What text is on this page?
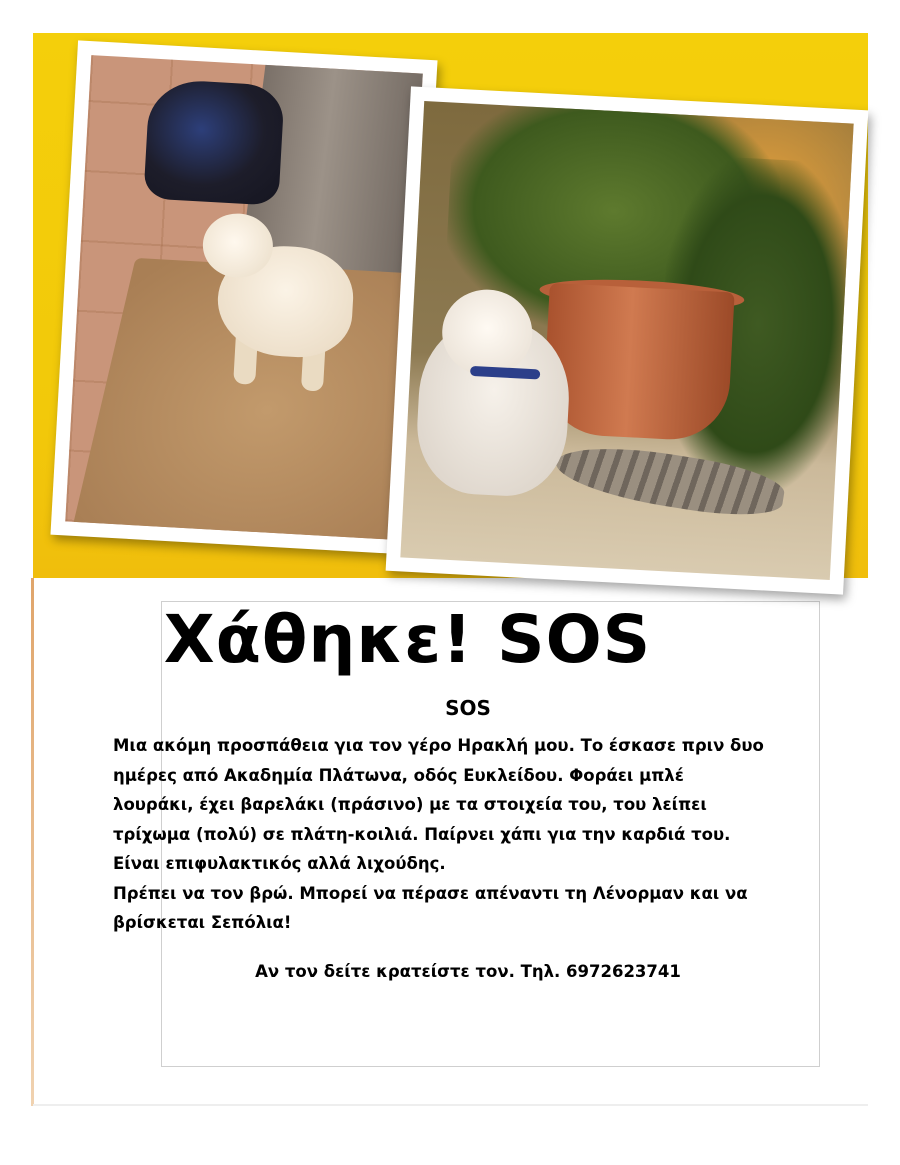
Χάθηκε! SOS
SOS
Μια ακόμη προσπάθεια για τον γέρο Ηρακλή μου. Το έσκασε πριν δυο
ημέρες από Ακαδημία Πλάτωνα, οδός Ευκλείδου. Φοράει μπλέ
λουράκι, έχει βαρελάκι (πράσινο) με τα στοιχεία του, του λείπει
τρίχωμα (πολύ) σε πλάτη-κοιλιά. Παίρνει χάπι για την καρδιά του.
Είναι επιφυλακτικός αλλά λιχούδης.
Πρέπει να τον βρώ. Μπορεί να πέρασε απέναντι τη Λένορμαν και να
βρίσκεται Σεπόλια!
Αν τον δείτε κρατείστε τον. Τηλ. 6972623741
